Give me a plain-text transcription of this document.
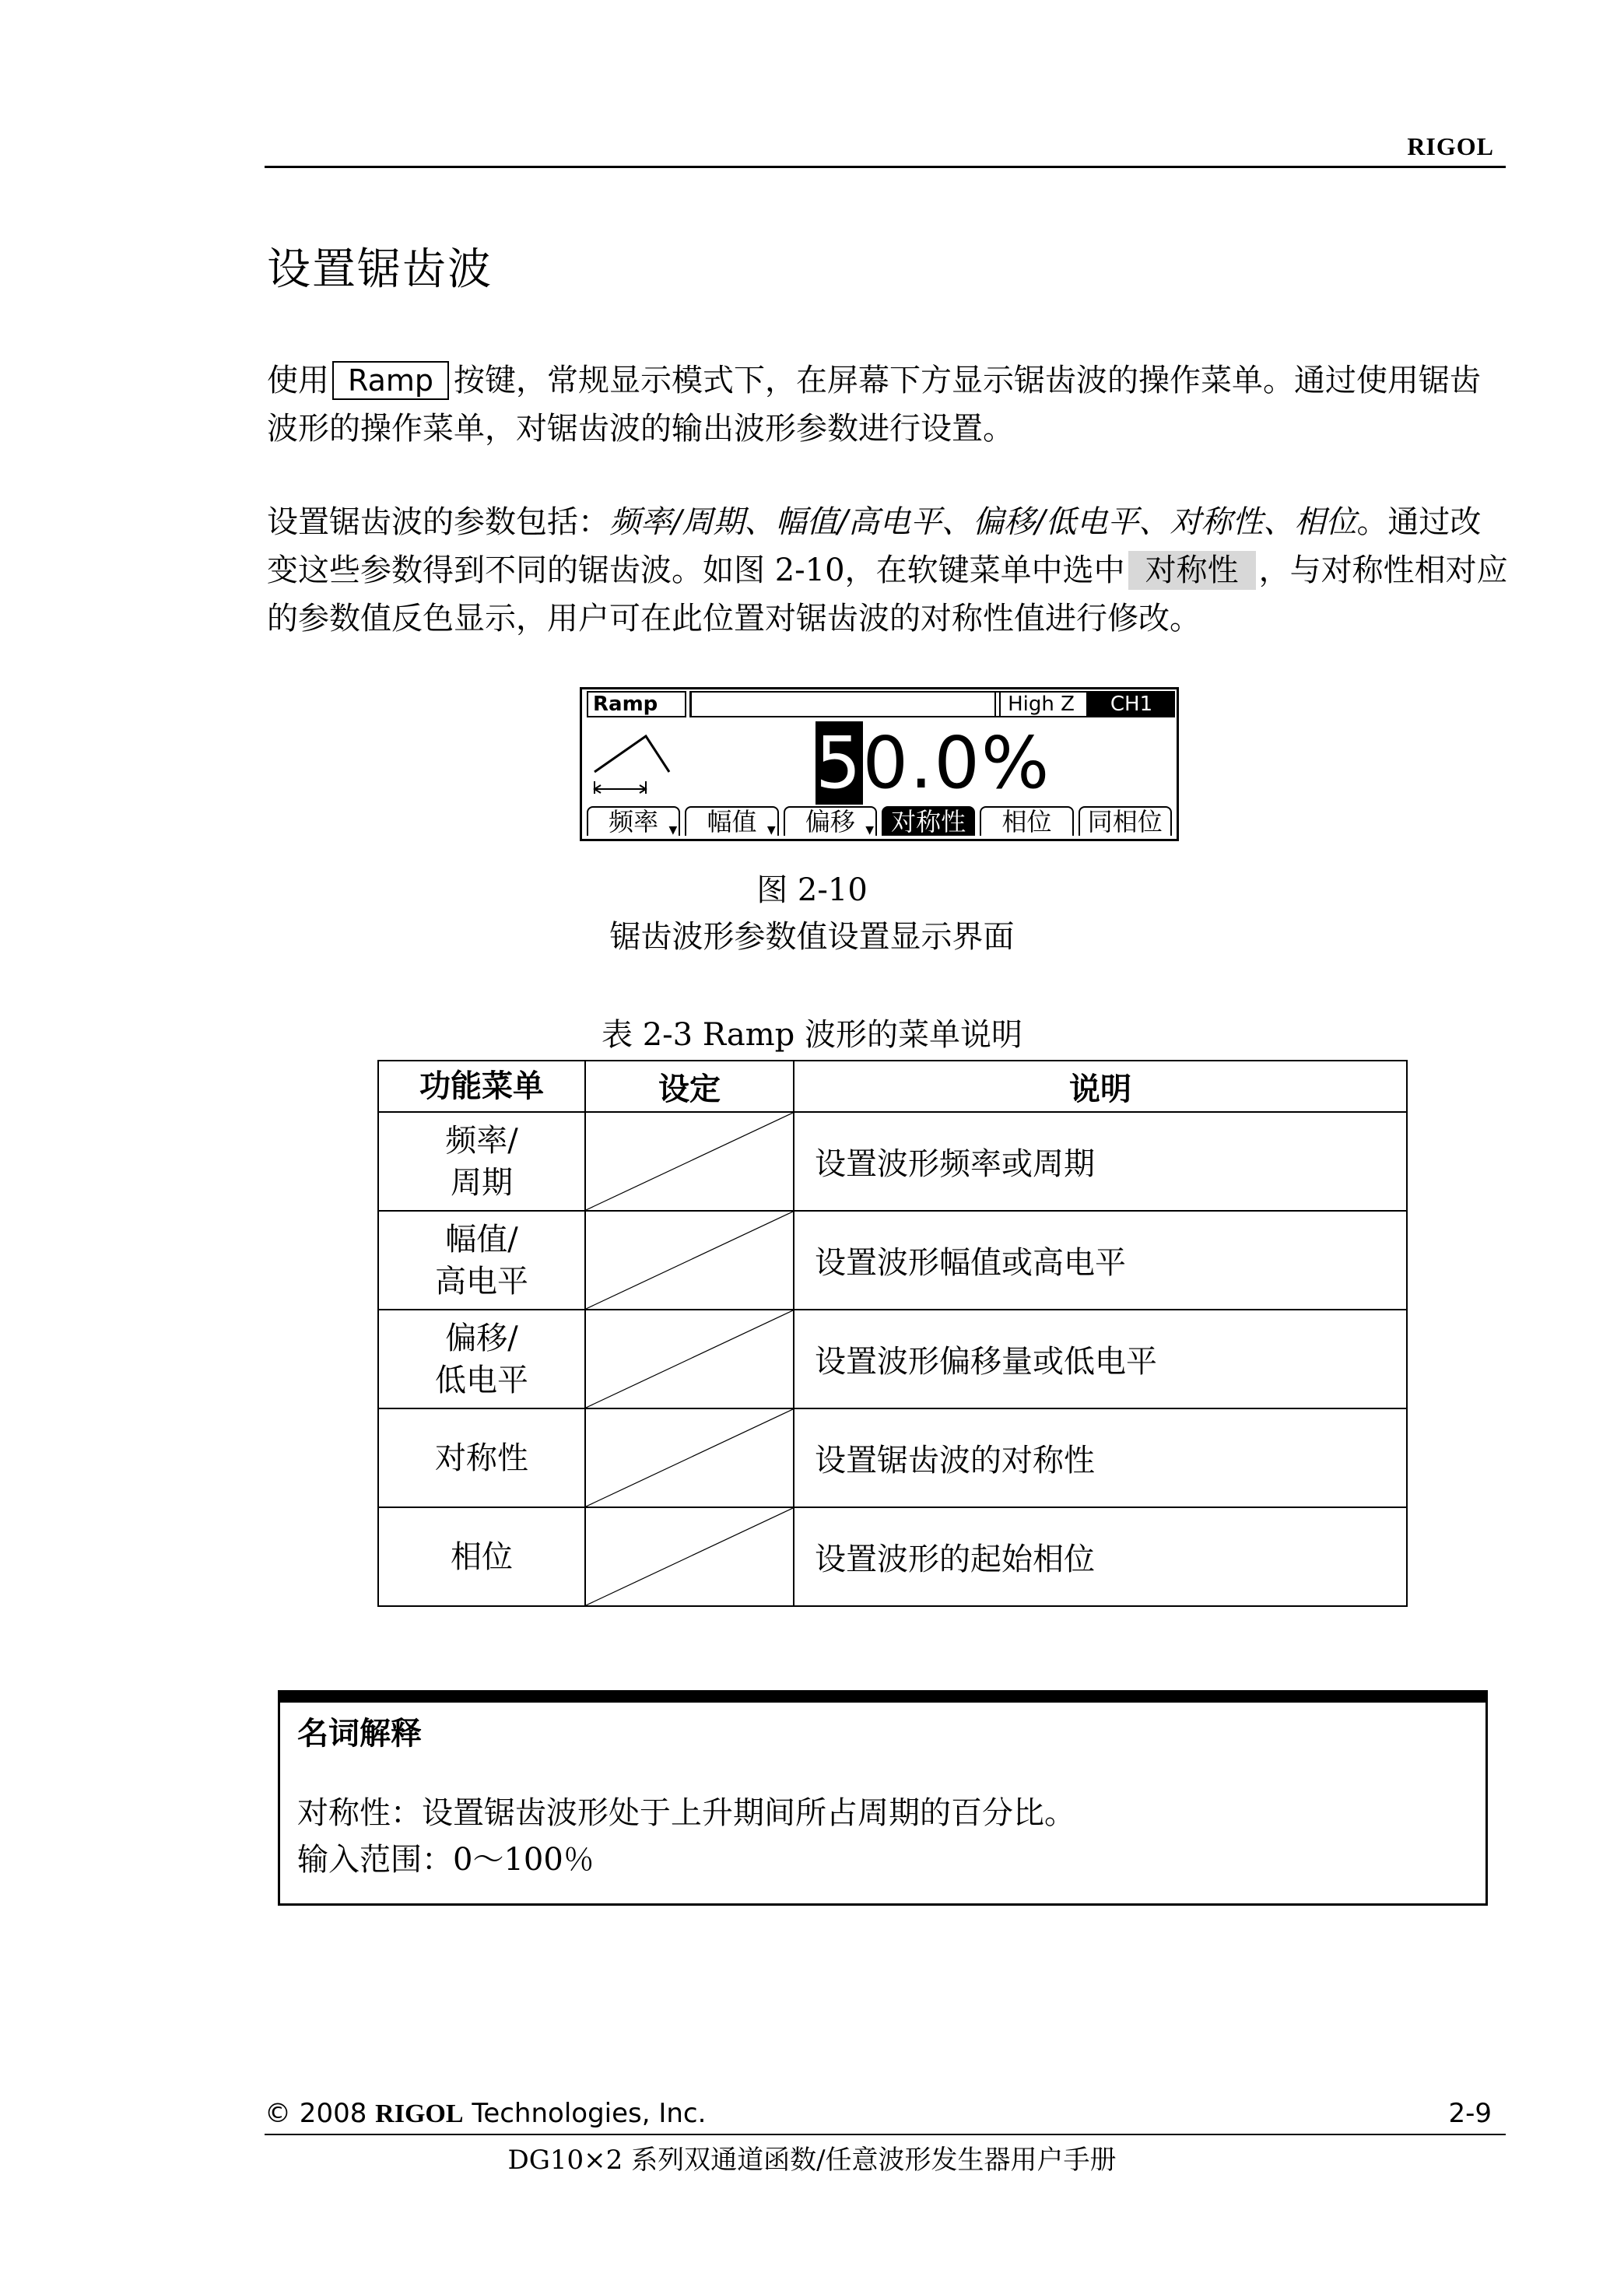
RIGOL
设置锯齿波
使用 Ramp 按键，常规显示模式下，在屏幕下方显示锯齿波的操作菜单。通过使用锯齿波形的操作菜单，对锯齿波的输出波形参数进行设置。
设置锯齿波的参数包括：频率/周期、幅值/高电平、偏移/低电平、对称性、相位。通过改变这些参数得到不同的锯齿波。如图 2-10，在软键菜单中选中 对称性 ，与对称性相对应的参数值反色显示，用户可在此位置对锯齿波的对称性值进行修改。
Ramp	High Z	CH1
50.0%
频率 ▼	幅值 ▼	偏移 ▼ 对称性	相位	同相位
图 2-10
锯齿波形参数值设置显示界面
表 2-3 Ramp 波形的菜单说明
功能菜单	设定	说明
频率/
周期		设置波形频率或周期
幅值/
高电平		设置波形幅值或高电平
偏移/
低电平		设置波形偏移量或低电平
对称性		设置锯齿波的对称性
相位		设置波形的起始相位
名词解释
对称性：设置锯齿波形处于上升期间所占周期的百分比。
输入范围：0～100％
© 2008 RIGOL Technologies, Inc.	2-9
DG10×2 系列双通道函数/任意波形发生器用户手册
